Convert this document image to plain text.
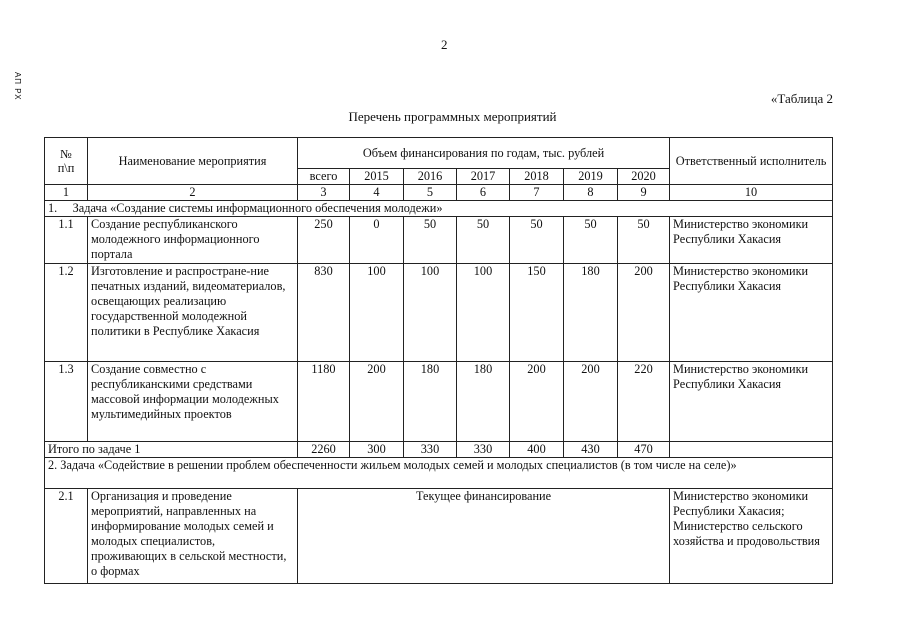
2
АП РХ	«Таблица 2
Перечень программных мероприятий
№
п\п	Наименование мероприятия	Объем финансирования по годам, тыс. рублей							Ответственный исполнитель
		всего	2015	2016	2017	2018	2019	2020	
1	2	3	4	5	6	7	8	9	10
1.     Задача «Создание системы информационного обеспечения молодежи»									
1.1	Создание республиканского молодежного информационного портала	250	0	50	50	50	50	50	Министерство экономики Республики Хакасия
1.2	Изготовление и распростране-ние печатных изданий, видеоматериалов, освещающих реализацию государственной молодежной политики в Республике Хакасия	830	100	100	100	150	180	200	Министерство экономики Республики Хакасия
1.3	Создание совместно с республиканскими средствами массовой информации молодежных мультимедийных проектов	1180	200	180	180	200	200	220	Министерство экономики Республики Хакасия
Итого по задаче 1		2260	300	330	330	400	430	470	
2. Задача «Содействие в решении проблем обеспеченности жильем молодых семей и молодых специалистов (в том числе на селе)»									
2.1	Организация и проведение мероприятий, направленных на информирование молодых семей и молодых специалистов, проживающих в сельской местности, о формах	Текущее финансирование							Министерство экономики Республики Хакасия; Министерство сельского хозяйства и продовольствия
